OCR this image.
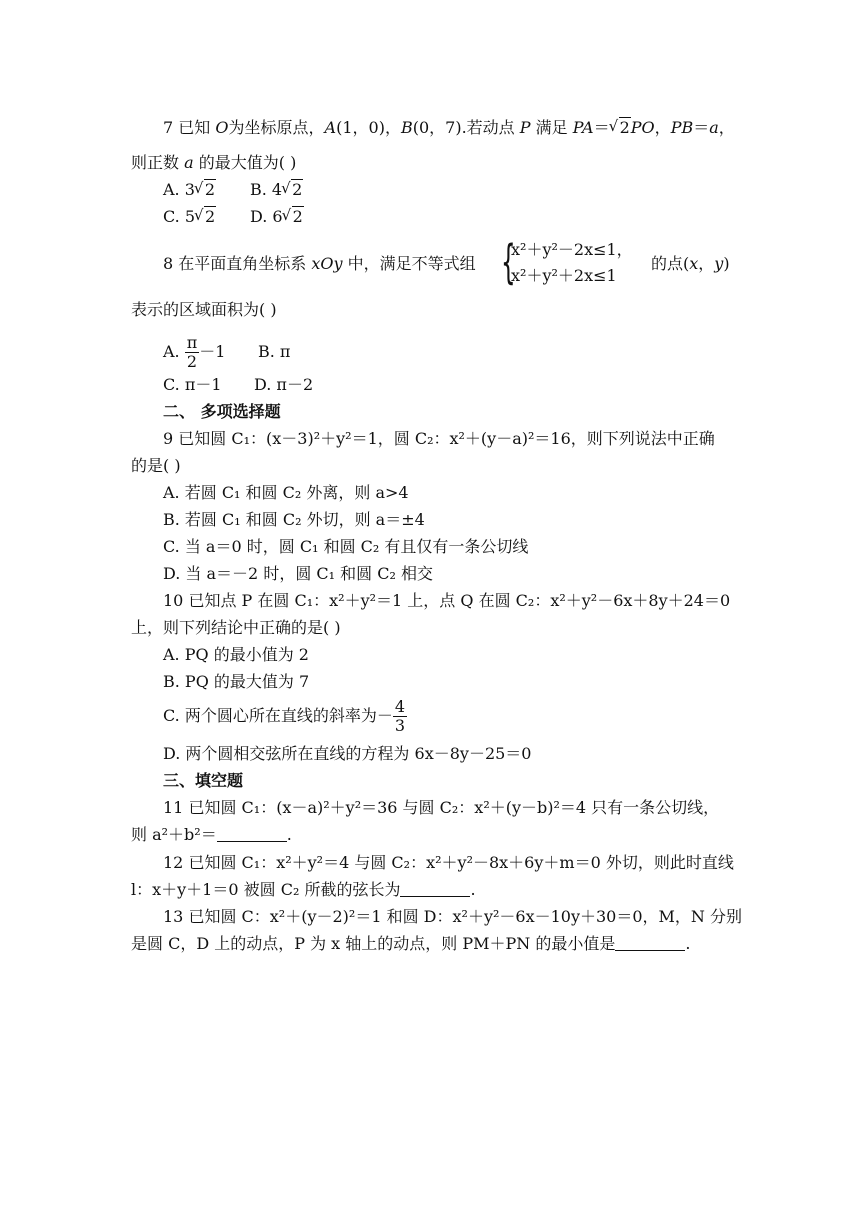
7 已知 O为坐标原点，A(1，0)，B(0，7).若动点 P 满足 PA＝ √ 2PO，PB＝a，
则正数 a 的最大值为( )
A. 3 √ 2 B. 4 √ 2
C. 5 √ 2 D. 6 √ 2
8 在平面直角坐标系 xOy 中，满足不等式组 {
x²＋y²－2x≤1，
x²＋y²＋2x≤1
的点(x，y)
表示的区域面积为( )
A. $\frac{\pi}{2} -1$ B. π
C. π－1 D. π－2
二、 多项选择题
9 已知圆 C₁：(x－3)²＋y²＝1，圆 C₂：x²＋(y－a)²＝16，则下列说法中正确
的是( )
A. 若圆 C₁ 和圆 C₂ 外离，则 a>4
B. 若圆 C₁ 和圆 C₂ 外切，则 a＝±4
C. 当 a＝0 时，圆 C₁ 和圆 C₂ 有且仅有一条公切线
D. 当 a＝－2 时，圆 C₁ 和圆 C₂ 相交
10 已知点 P 在圆 C₁：x²＋y²＝1 上，点 Q 在圆 C₂：x²＋y²－6x＋8y＋24＝0
上，则下列结论中正确的是( )
A. PQ 的最小值为 2
B. PQ 的最大值为 7
C. 两个圆心所在直线的斜率为－ $\frac{4}{3}$
D. 两个圆相交弦所在直线的方程为 6x－8y－25＝0
三、填空题
11 已知圆 C₁：(x－a)²＋y²＝36 与圆 C₂：x²＋(y－b)²＝4 只有一条公切线，
则 a²＋b²＝	.
12 已知圆 C₁：x²＋y²＝4 与圆 C₂：x²＋y²－8x＋6y＋m＝0 外切，则此时直线
l：x＋y＋1＝0 被圆 C₂ 所截的弦长为	.
13 已知圆 C：x²＋(y－2)²＝1 和圆 D：x²＋y²－6x－10y＋30＝0，M，N 分别
是圆 C，D 上的动点，P 为 x 轴上的动点，则 PM＋PN 的最小值是	.
